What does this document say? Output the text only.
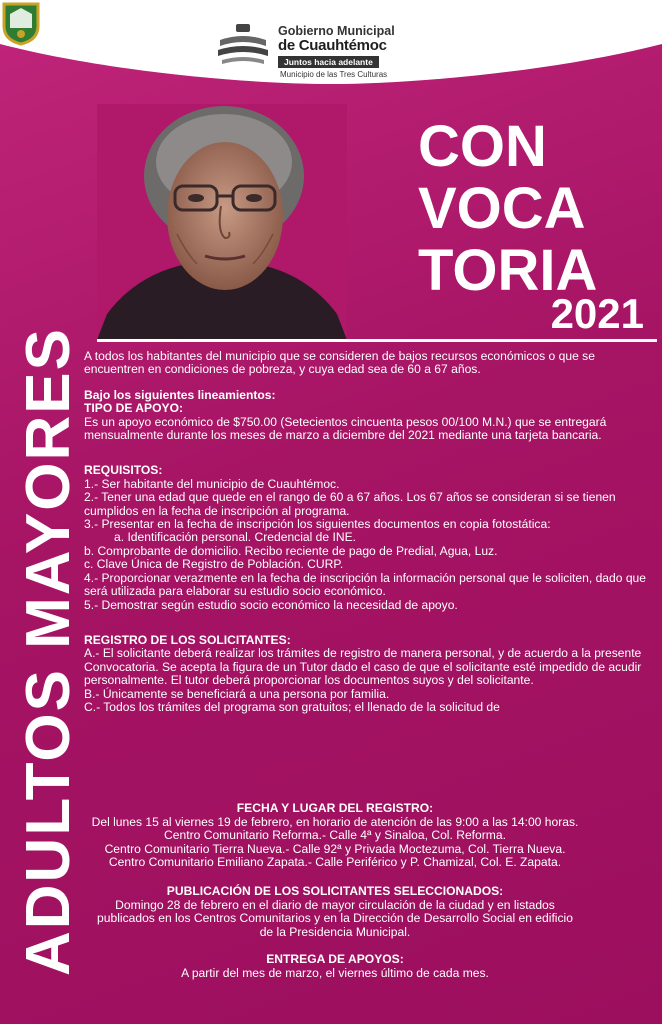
Gobierno Municipal
de Cuauhtémoc
Juntos hacia adelante
Municipio de las Tres Culturas
ADULTOS MAYORES
CON
VOCA
TORIA
2021

A todos los habitantes del municipio que se consideren de bajos recursos económicos o que se encuentren en condiciones de pobreza, y cuya edad sea de 60 a 67 años.

Bajo los siguientes lineamientos:

TIPO DE APOYO:

Es un apoyo económico de $750.00 (Setecientos cincuenta pesos 00/100 M.N.) que se entregará mensualmente durante los meses de marzo a diciembre del 2021 mediante una tarjeta bancaria.

REQUISITOS:

1.- Ser habitante del municipio de Cuauhtémoc.

2.- Tener una edad que quede en el rango de 60 a 67 años. Los 67 años se consideran si se tienen cumplidos en la fecha de inscripción al programa.

3.- Presentar en la fecha de inscripción los siguientes documentos en copia fotostática:

a. Identificación personal. Credencial de INE.

b. Comprobante de domicilio. Recibo reciente de pago de Predial, Agua, Luz.

c. Clave Única de Registro de Población. CURP.

4.- Proporcionar verazmente en la fecha de inscripción la información personal que le soliciten, dado que será utilizada para elaborar su estudio socio económico.

5.- Demostrar según estudio socio económico la necesidad de apoyo.

REGISTRO DE LOS SOLICITANTES:

A.- El solicitante deberá realizar los trámites de registro de manera personal, y de acuerdo a la presente Convocatoria. Se acepta la figura de un Tutor dado el caso de que el solicitante esté impedido de acudir personalmente. El tutor deberá proporcionar los documentos suyos y del solicitante.

B.- Únicamente se beneficiará a una persona por familia.

C.- Todos los trámites del programa son gratuitos; el llenado de la solicitud de

FECHA Y LUGAR DEL REGISTRO:

Del lunes 15 al viernes 19 de febrero, en horario de atención de las 9:00 a las 14:00 horas.

Centro Comunitario Reforma.- Calle 4ª y Sinaloa, Col. Reforma.

Centro Comunitario Tierra Nueva.- Calle 92ª y Privada Moctezuma, Col. Tierra Nueva.

Centro Comunitario Emiliano Zapata.- Calle Periférico y P. Chamizal, Col. E. Zapata.

PUBLICACIÓN DE LOS SOLICITANTES SELECCIONADOS:

Domingo 28 de febrero en el diario de mayor circulación de la ciudad y en listados

publicados en los Centros Comunitarios y en la Dirección de Desarrollo Social en edificio

de la Presidencia Municipal.

ENTREGA DE APOYOS:

A partir del mes de marzo, el viernes último de cada mes.
